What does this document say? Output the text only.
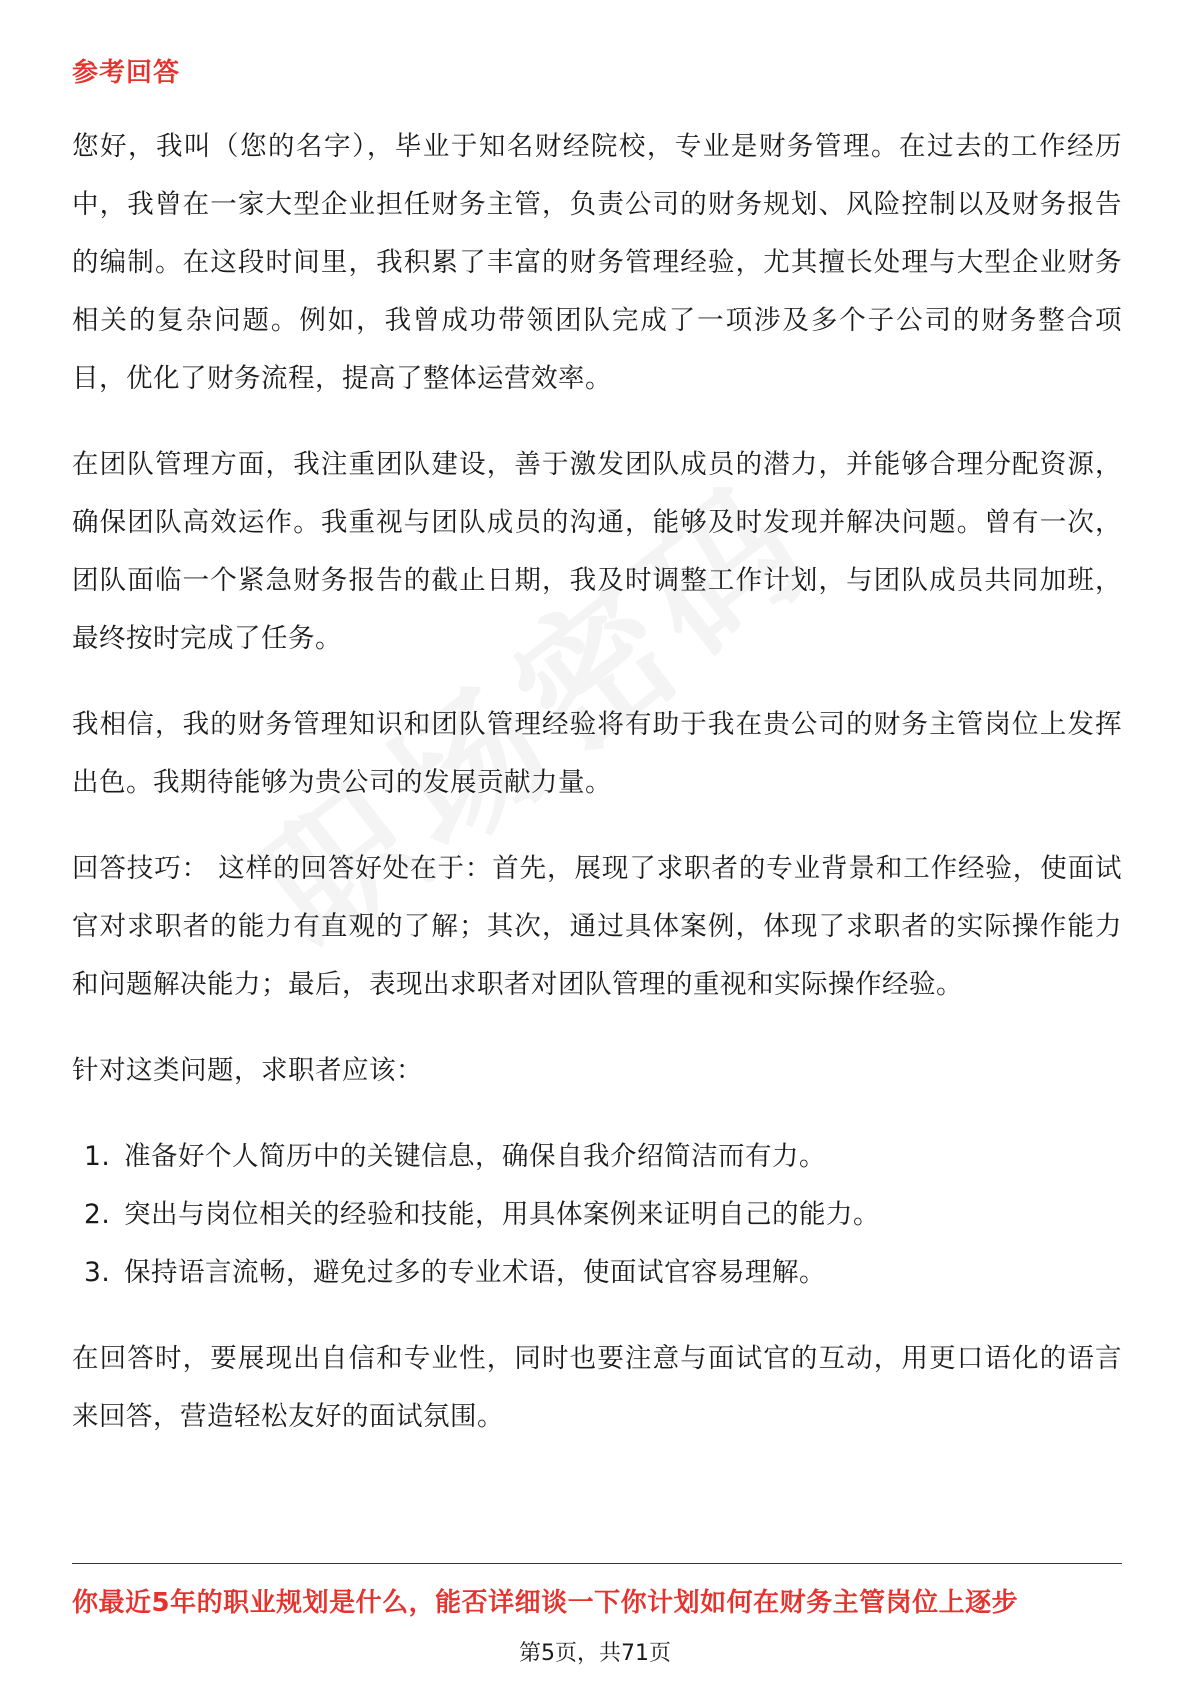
参考回答

您好，我叫（您的名字），毕业于知名财经院校，专业是财务管理。在过去的工作经历中，我曾在一家大型企业担任财务主管，负责公司的财务规划、风险控制以及财务报告的编制。在这段时间里，我积累了丰富的财务管理经验，尤其擅长处理与大型企业财务相关的复杂问题。例如，我曾成功带领团队完成了一项涉及多个子公司的财务整合项目，优化了财务流程，提高了整体运营效率。

在团队管理方面，我注重团队建设，善于激发团队成员的潜力，并能够合理分配资源，确保团队高效运作。我重视与团队成员的沟通，能够及时发现并解决问题。曾有一次，团队面临一个紧急财务报告的截止日期，我及时调整工作计划，与团队成员共同加班，最终按时完成了任务。

我相信，我的财务管理知识和团队管理经验将有助于我在贵公司的财务主管岗位上发挥出色。我期待能够为贵公司的发展贡献力量。

回答技巧： 这样的回答好处在于：首先，展现了求职者的专业背景和工作经验，使面试官对求职者的能力有直观的了解；其次，通过具体案例，体现了求职者的实际操作能力和问题解决能力；最后，表现出求职者对团队管理的重视和实际操作经验。

针对这类问题，求职者应该：

1. 准备好个人简历中的关键信息，确保自我介绍简洁而有力。
2. 突出与岗位相关的经验和技能，用具体案例来证明自己的能力。
3. 保持语言流畅，避免过多的专业术语，使面试官容易理解。

在回答时，要展现出自信和专业性，同时也要注意与面试官的互动，用更口语化的语言来回答，营造轻松友好的面试氛围。

你最近5年的职业规划是什么，能否详细谈一下你计划如何在财务主管岗位上逐步
第5页，共71页
